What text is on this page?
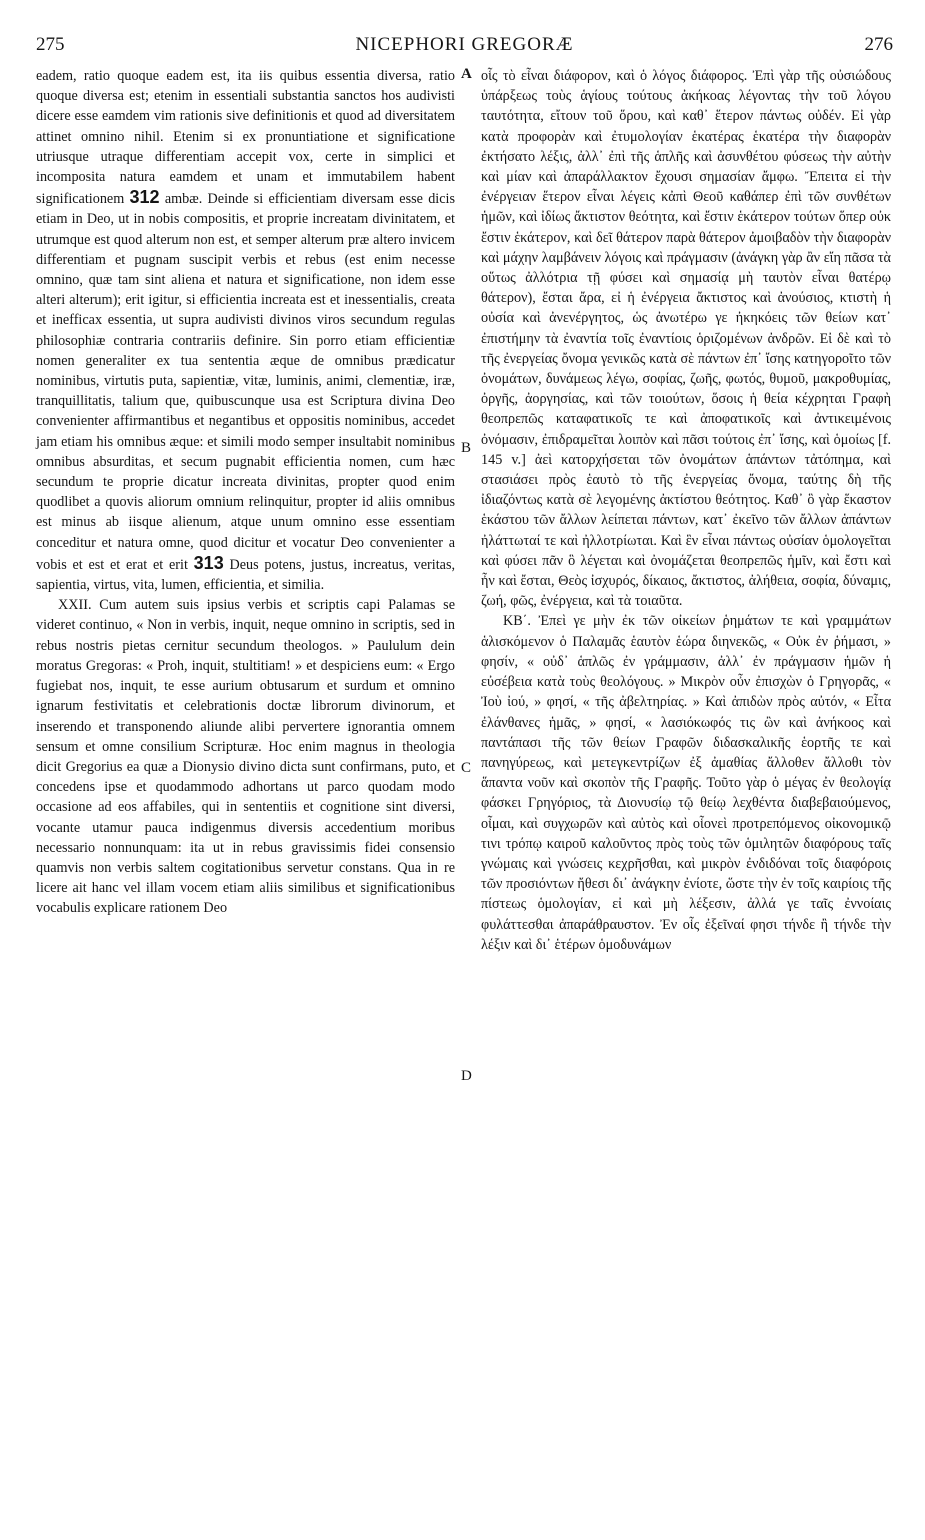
275	NICEPHORI GREGORÆ	276

eadem, ratio quoque eadem est, ita iis quibus essentia diversa, ratio quoque diversa est; etenim in essentiali substantia sanctos hos audivisti dicere esse eamdem vim rationis sive definitionis et quod ad diversitatem attinet omnino nihil. Etenim si ex pronuntiatione et significatione utriusque utraque differentiam accepit vox, certe in simplici et incomposita natura eamdem et unam et immutabilem habent significationem 312 ambæ. Deinde si efficientiam diversam esse dicis etiam in Deo, ut in nobis compositis, et proprie increatam divinitatem, et utrumque est quod alterum non est, et semper alterum præ altero invicem differentiam et pugnam suscipit verbis et rebus (est enim necesse omnino, quæ tam sint aliena et natura et significatione, non idem esse alteri alterum); erit igitur, si efficientia increata est et inessentialis, creata et inefficax essentia, ut supra audivisti divinos viros secundum regulas philosophiæ contraria contrariis definire. Sin porro etiam efficientiæ nomen generaliter ex tua sententia æque de omnibus prædicatur nominibus, virtutis puta, sapientiæ, vitæ, luminis, animi, clementiæ, iræ, tranquillitatis, talium que, quibuscunque usa est Scriptura divina Deo convenienter affirmantibus et negantibus et oppositis nominibus, accedet jam etiam his omnibus æque: et simili modo semper insultabit nominibus omnibus absurditas, et secum pugnabit efficientia nomen, cum hæc secundum te proprie dicatur increata divinitas, propter quod enim quodlibet a quovis aliorum omnium relinquitur, propter id aliis omnibus est minus ab iisque alienum, atque unum omnino esse essentiam conceditur et natura omne, quod dicitur et vocatur Deo convenienter a vobis et est et erat et erit 313 Deus potens, justus, increatus, veritas, sapientia, virtus, vita, lumen, efficientia, et similia.

XXII. Cum autem suis ipsius verbis et scriptis capi Palamas se videret continuo, « Non in verbis, inquit, neque omnino in scriptis, sed in rebus nostris pietas cernitur secundum theologos. » Paululum dein moratus Gregoras: « Proh, inquit, stultitiam! » et despiciens eum: « Ergo fugiebat nos, inquit, te esse aurium obtusarum et surdum et omnino ignarum festivitatis et celebrationis doctæ librorum divinorum, et inserendo et transponendo aliunde alibi pervertere ignorantia omnem sensum et omne consilium Scripturæ. Hoc enim magnus in theologia dicit Gregorius ea quæ a Dionysio divino dicta sunt confirmans, puto, et concedens ipse et quodammodo adhortans ut parco quodam modo occasione ad eos affabiles, qui in sententiis et cognitione sint diversi, vocante utamur pauca indigenmus diversis accedentium moribus necessario nonnunquam: ita ut in rebus gravissimis fidei consensio quamvis non verbis saltem cogitationibus servetur constans. Qua in re licere ait hanc vel illam vocem etiam aliis similibus et significationibus vocabulis explicare rationem Deo

A
B
C
D

οἷς τὸ εἶναι διάφορον, καὶ ὁ λόγος διάφορος. Ἐπὶ γὰρ τῆς οὐσιώδους ὑπάρξεως τοὺς ἁγίους τούτους ἀκήκοας λέγοντας τὴν τοῦ λόγου ταυτότητα, εἴτουν τοῦ ὅρου, καὶ καθ᾽ ἕτερον πάντως οὐδέν. Εἰ γὰρ κατὰ προφορὰν καὶ ἐτυμολογίαν ἑκατέρας ἑκατέρα τὴν διαφορὰν ἐκτήσατο λέξις, ἀλλ᾽ ἐπὶ τῆς ἁπλῆς καὶ ἀσυνθέτου φύσεως τὴν αὐτὴν καὶ μίαν καὶ ἀπαράλλακτον ἔχουσι σημασίαν ἄμφω. Ἔπειτα εἰ τὴν ἐνέργειαν ἕτερον εἶναι λέγεις κἀπὶ Θεοῦ καθάπερ ἐπὶ τῶν συνθέτων ἡμῶν, καὶ ἰδίως ἄκτιστον θεότητα, καὶ ἔστιν ἑκάτερον τούτων ὅπερ οὐκ ἔστιν ἑκάτερον, καὶ δεῖ θάτερον παρὰ θάτερον ἀμοιβαδὸν τὴν διαφορὰν καὶ μάχην λαμβάνειν λόγοις καὶ πράγμασιν (ἀνάγκη γὰρ ἂν εἴη πᾶσα τὰ οὕτως ἀλλότρια τῇ φύσει καὶ σημασίᾳ μὴ ταυτὸν εἶναι θατέρῳ θάτερον), ἔσται ἄρα, εἰ ἡ ἐνέργεια ἄκτιστος καὶ ἀνούσιος, κτιστὴ ἡ οὐσία καὶ ἀνενέργητος, ὡς ἀνωτέρω γε ἠκηκόεις τῶν θείων κατ᾽ ἐπιστήμην τὰ ἐναντία τοῖς ἐναντίοις ὁριζομένων ἀνδρῶν. Εἰ δὲ καὶ τὸ τῆς ἐνεργείας ὄνομα γενικῶς κατὰ σὲ πάντων ἐπ᾽ ἴσης κατηγοροῖτο τῶν ὀνομάτων, δυνάμεως λέγω, σοφίας, ζωῆς, φωτός, θυμοῦ, μακροθυμίας, ὀργῆς, ἀοργησίας, καὶ τῶν τοιούτων, ὅσοις ἡ θεία κέχρηται Γραφὴ θεοπρεπῶς καταφατικοῖς τε καὶ ἀποφατικοῖς καὶ ἀντικειμένοις ὀνόμασιν, ἐπιδραμεῖται λοιπὸν καὶ πᾶσι τούτοις ἐπ᾽ ἴσης, καὶ ὁμοίως [f. 145 v.] ἀεὶ κατορχήσεται τῶν ὀνομάτων ἁπάντων τἀτόπημα, καὶ στασιάσει πρὸς ἑαυτὸ τὸ τῆς ἐνεργείας ὄνομα, ταύτης δὴ τῆς ἰδιαζόντως κατὰ σὲ λεγομένης ἀκτίστου θεότητος. Καθ᾽ ὃ γὰρ ἕκαστον ἑκάστου τῶν ἄλλων λείπεται πάντων, κατ᾽ ἐκεῖνο τῶν ἄλλων ἁπάντων ἠλάττωταί τε καὶ ἠλλοτρίωται. Καὶ ἓν εἶναι πάντως οὐσίαν ὁμολογεῖται καὶ φύσει πᾶν ὃ λέγεται καὶ ὀνομάζεται θεοπρεπῶς ἡμῖν, καὶ ἔστι καὶ ἦν καὶ ἔσται, Θεὸς ἰσχυρός, δίκαιος, ἄκτιστος, ἀλήθεια, σοφία, δύναμις, ζωή, φῶς, ἐνέργεια, καὶ τὰ τοιαῦτα.

ΚΒ΄. Ἐπεὶ γε μὴν ἐκ τῶν οἰκείων ῥημάτων τε καὶ γραμμάτων ἁλισκόμενον ὁ Παλαμᾶς ἑαυτὸν ἑώρα διηνεκῶς, « Οὐκ ἐν ῥήμασι, » φησίν, « οὐδ᾽ ἁπλῶς ἐν γράμμασιν, ἀλλ᾽ ἐν πράγμασιν ἡμῶν ἡ εὐσέβεια κατὰ τοὺς θεολόγους. » Μικρὸν οὖν ἐπισχὼν ὁ Γρηγορᾶς, « Ἰοὺ ἰού, » φησί, « τῆς ἀβελτηρίας. » Καὶ ἀπιδὼν πρὸς αὐτόν, « Εἶτα ἐλάνθανες ἡμᾶς, » φησί, « λασιόκωφός τις ὢν καὶ ἀνήκοος καὶ παντάπασι τῆς τῶν θείων Γραφῶν διδασκαλικῆς ἑορτῆς τε καὶ πανηγύρεως, καὶ μετεγκεντρίζων ἐξ ἀμαθίας ἄλλοθεν ἄλλοθι τὸν ἅπαντα νοῦν καὶ σκοπὸν τῆς Γραφῆς. Τοῦτο γὰρ ὁ μέγας ἐν θεολογίᾳ φάσκει Γρηγόριος, τὰ Διονυσίῳ τῷ θείῳ λεχθέντα διαβεβαιούμενος, οἶμαι, καὶ συγχωρῶν καὶ αὐτὸς καὶ οἷονεὶ προτρεπόμενος οἰκονομικῷ τινι τρόπῳ καιροῦ καλοῦντος πρὸς τοὺς τῶν ὁμιλητῶν διαφόρους ταῖς γνώμαις καὶ γνώσεις κεχρῆσθαι, καὶ μικρὸν ἐνδιδόναι τοῖς διαφόροις τῶν προσιόντων ἤθεσι δι᾽ ἀνάγκην ἐνίοτε, ὥστε τὴν ἐν τοῖς καιρίοις τῆς πίστεως ὁμολογίαν, εἰ καὶ μὴ λέξεσιν, ἀλλά γε ταῖς ἐννοίαις φυλάττεσθαι ἀπαράθραυστον. Ἐν οἷς ἐξεῖναί φησι τήνδε ἢ τήνδε τὴν λέξιν καὶ δι᾽ ἑτέρων ὁμοδυνάμων
